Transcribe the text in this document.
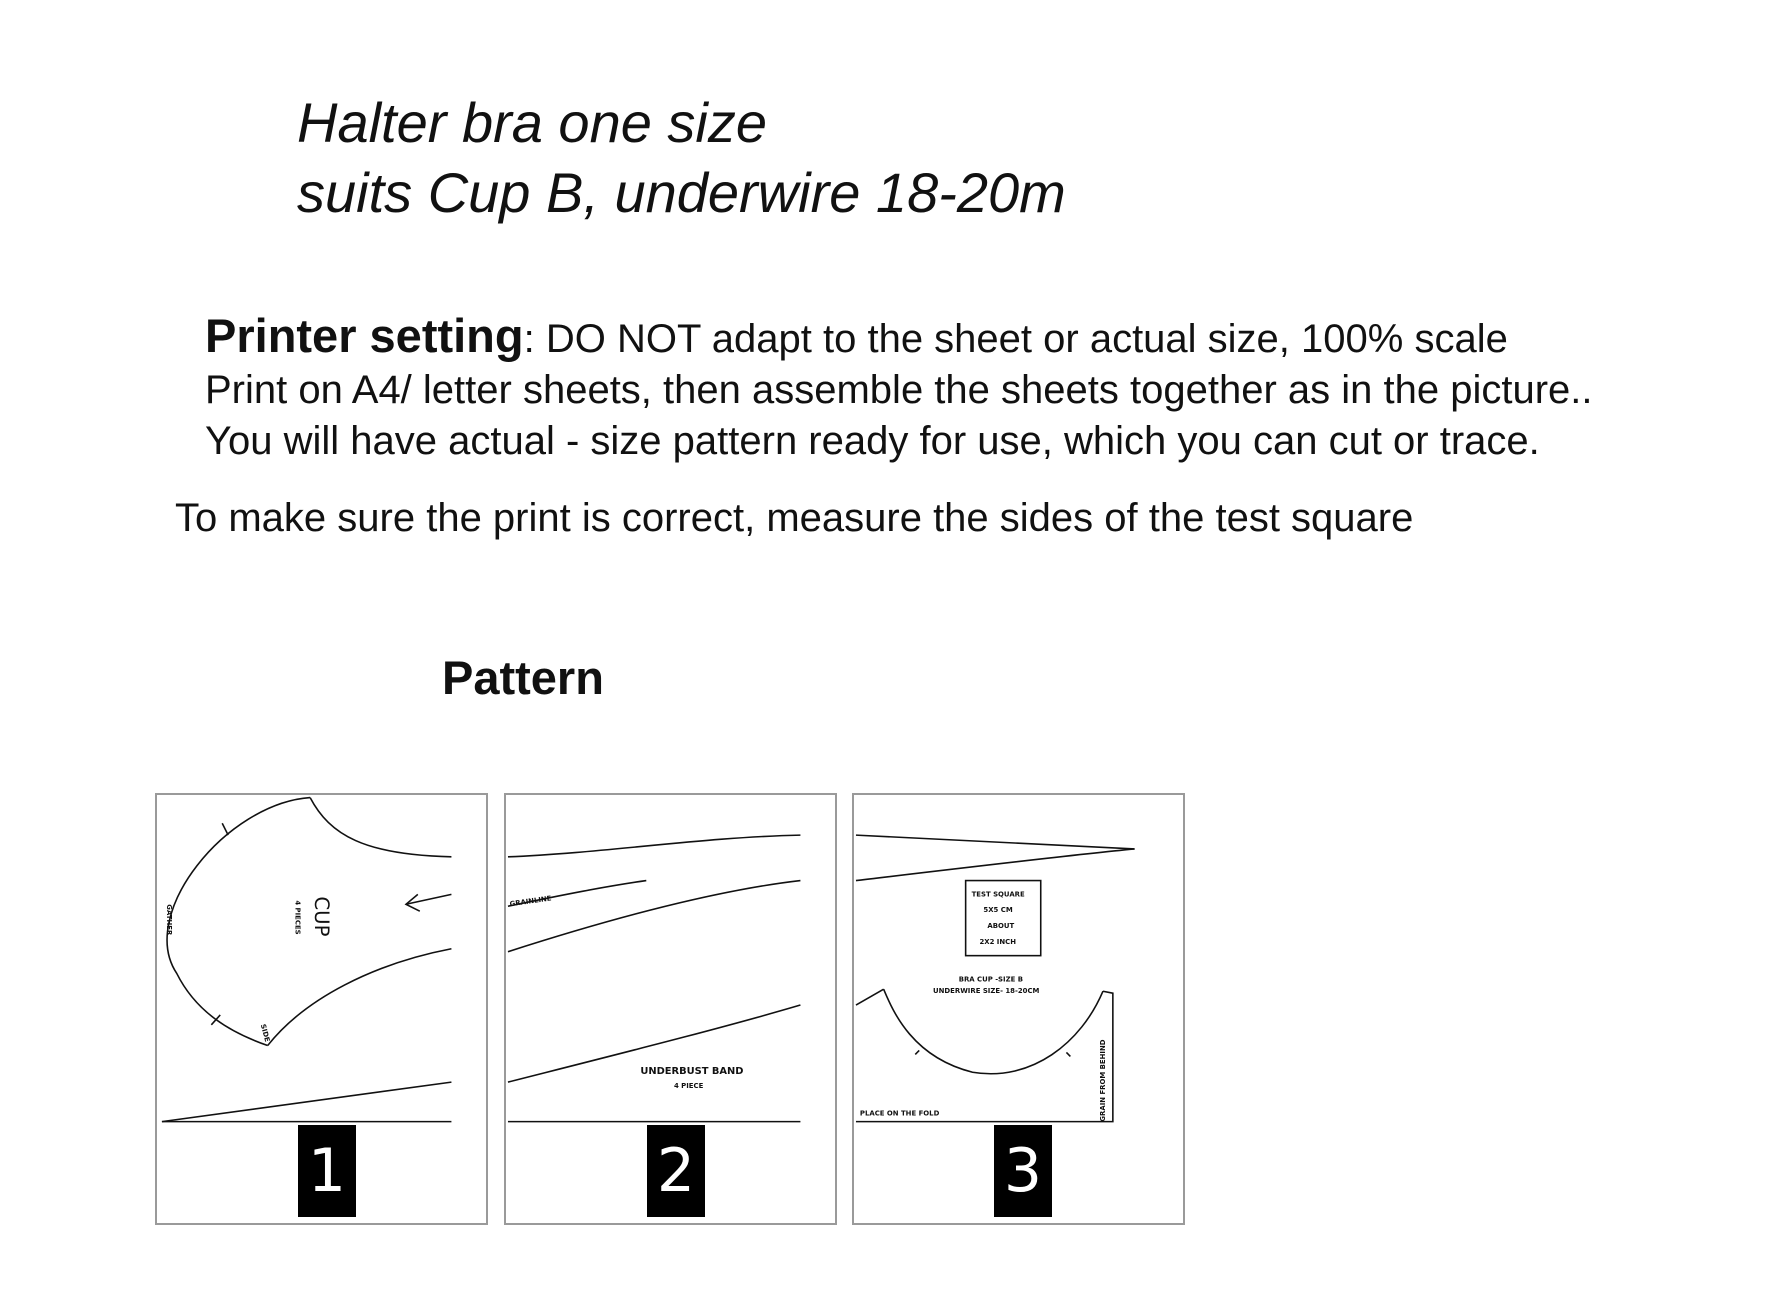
Halter bra one size
suits Cup B, underwire 18-20m
Printer setting: DO NOT adapt to the sheet or actual size, 100% scale
Print on A4/ letter sheets, then assemble the sheets together as in the picture..
You will have actual - size pattern ready for use, which you can cut or trace.
To make sure the print is correct, measure the sides of the test square
Pattern
GATHER	CUP
4 PIECES
SIDE
1
GRAINLINE
UNDERBUST BAND
4 PIECE
2
TEST SQUARE
5X5 CM
ABOUT
2X2 INCH
BRA CUP -SIZE B
UNDERWIRE SIZE- 18-20CM
PLACE ON THE FOLD	GRAIN FROM BEHIND
3
